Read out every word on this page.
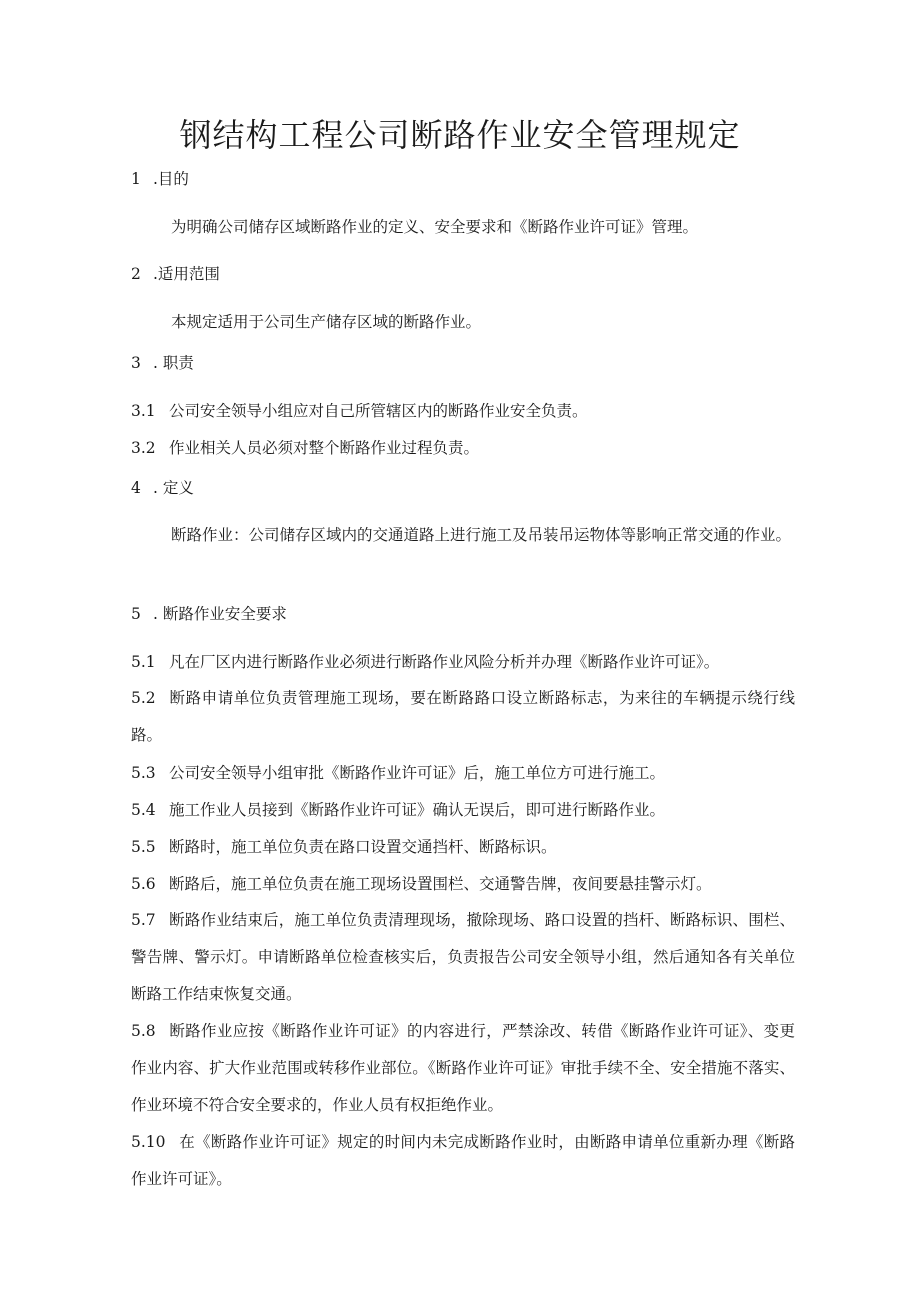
钢结构工程公司断路作业安全管理规定
1 .目的
为明确公司储存区域断路作业的定义、安全要求和《断路作业许可证》管理。
2 .适用范围
本规定适用于公司生产储存区域的断路作业。
3 . 职责
3.1 公司安全领导小组应对自己所管辖区内的断路作业安全负责。
3.2 作业相关人员必须对整个断路作业过程负责。
4 . 定义
断路作业：公司储存区域内的交通道路上进行施工及吊装吊运物体等影响正常交通的作业。
5 . 断路作业安全要求
5.1 凡在厂区内进行断路作业必须进行断路作业风险分析并办理《断路作业许可证》。
5.2 断路申请单位负责管理施工现场，要在断路路口设立断路标志，为来往的车辆提示绕行线路。
5.3 公司安全领导小组审批《断路作业许可证》后，施工单位方可进行施工。
5.4 施工作业人员接到《断路作业许可证》确认无误后，即可进行断路作业。
5.5 断路时，施工单位负责在路口设置交通挡杆、断路标识。
5.6 断路后，施工单位负责在施工现场设置围栏、交通警告牌，夜间要悬挂警示灯。
5.7 断路作业结束后，施工单位负责清理现场，撤除现场、路口设置的挡杆、断路标识、围栏、警告牌、警示灯。申请断路单位检查核实后，负责报告公司安全领导小组，然后通知各有关单位断路工作结束恢复交通。
5.8 断路作业应按《断路作业许可证》的内容进行，严禁涂改、转借《断路作业许可证》、变更作业内容、扩大作业范围或转移作业部位。《断路作业许可证》审批手续不全、安全措施不落实、作业环境不符合安全要求的，作业人员有权拒绝作业。
5.10 在《断路作业许可证》规定的时间内未完成断路作业时，由断路申请单位重新办理《断路作业许可证》。
